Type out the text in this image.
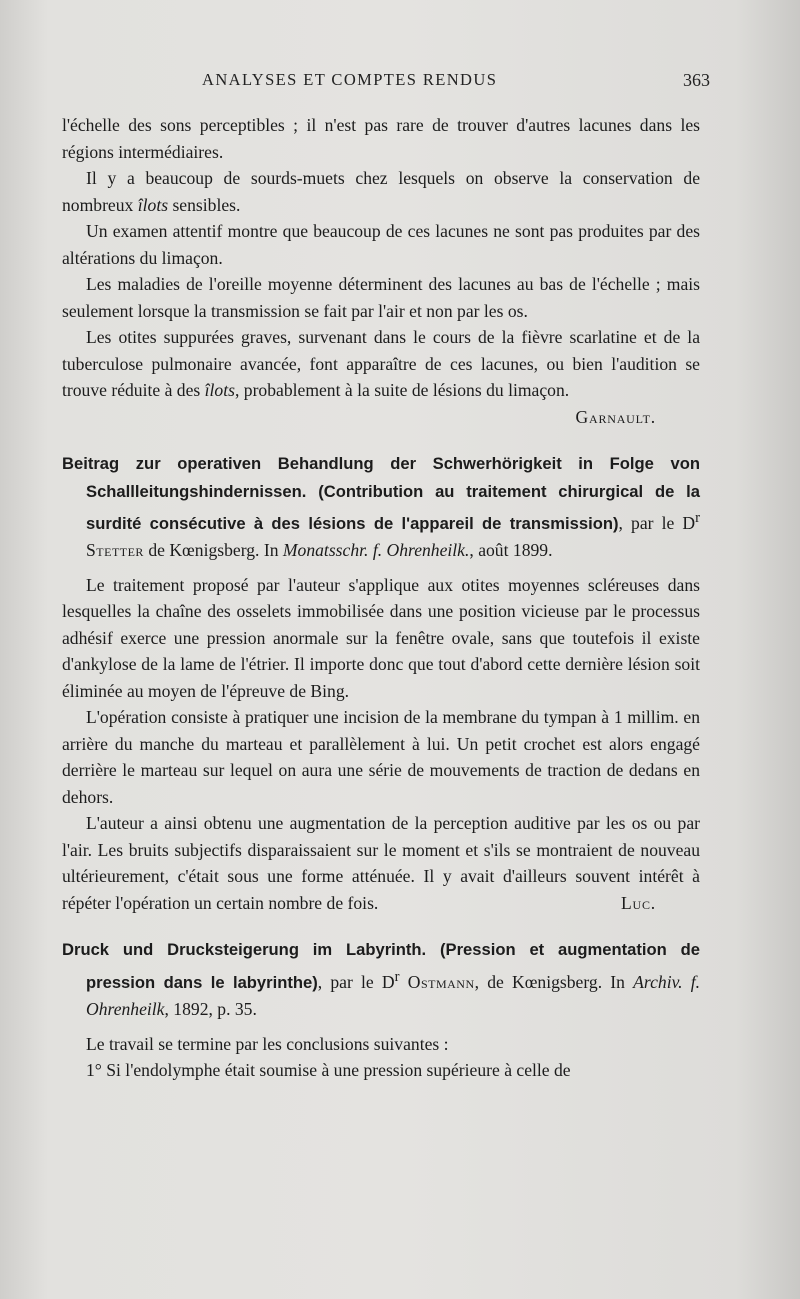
ANALYSES ET COMPTES RENDUS	363

l'échelle des sons perceptibles ; il n'est pas rare de trouver d'autres lacunes dans les régions intermédiaires.

Il y a beaucoup de sourds-muets chez lesquels on observe la conservation de nombreux îlots sensibles.

Un examen attentif montre que beaucoup de ces lacunes ne sont pas produites par des altérations du limaçon.

Les maladies de l'oreille moyenne déterminent des lacunes au bas de l'échelle ; mais seulement lorsque la transmission se fait par l'air et non par les os.

Les otites suppurées graves, survenant dans le cours de la fièvre scarlatine et de la tuberculose pulmonaire avancée, font apparaître de ces lacunes, ou bien l'audition se trouve réduite à des îlots, probablement à la suite de lésions du limaçon.
Garnault.

Beitrag zur operativen Behandlung der Schwerhörigkeit in Folge von Schallleitungshindernissen. (Contribution au traitement chirurgical de la surdité consécutive à des lésions de l'appareil de transmission), par le $D^r$ Stetter de Kœnigsberg. In Monatsschr. f. Ohrenheilk., août 1899.

Le traitement proposé par l'auteur s'applique aux otites moyennes scléreuses dans lesquelles la chaîne des osselets immobilisée dans une position vicieuse par le processus adhésif exerce une pression anormale sur la fenêtre ovale, sans que toutefois il existe d'ankylose de la lame de l'étrier. Il importe donc que tout d'abord cette dernière lésion soit éliminée au moyen de l'épreuve de Bing.

L'opération consiste à pratiquer une incision de la membrane du tympan à 1 millim. en arrière du manche du marteau et parallèlement à lui. Un petit crochet est alors engagé derrière le marteau sur lequel on aura une série de mouvements de traction de dedans en dehors.

L'auteur a ainsi obtenu une augmentation de la perception auditive par les os ou par l'air. Les bruits subjectifs disparaissaient sur le moment et s'ils se montraient de nouveau ultérieurement, c'était sous une forme atténuée. Il y avait d'ailleurs souvent intérêt à répéter l'opération un certain nombre de fois.	Luc.

Druck und Drucksteigerung im Labyrinth. (Pression et augmentation de pression dans le labyrinthe), par le $D^r$ Ostmann, de Kœnigsberg. In Archiv. f. Ohrenheilk, 1892, p. 35.

Le travail se termine par les conclusions suivantes :

1° Si l'endolymphe était soumise à une pression supérieure à celle de
